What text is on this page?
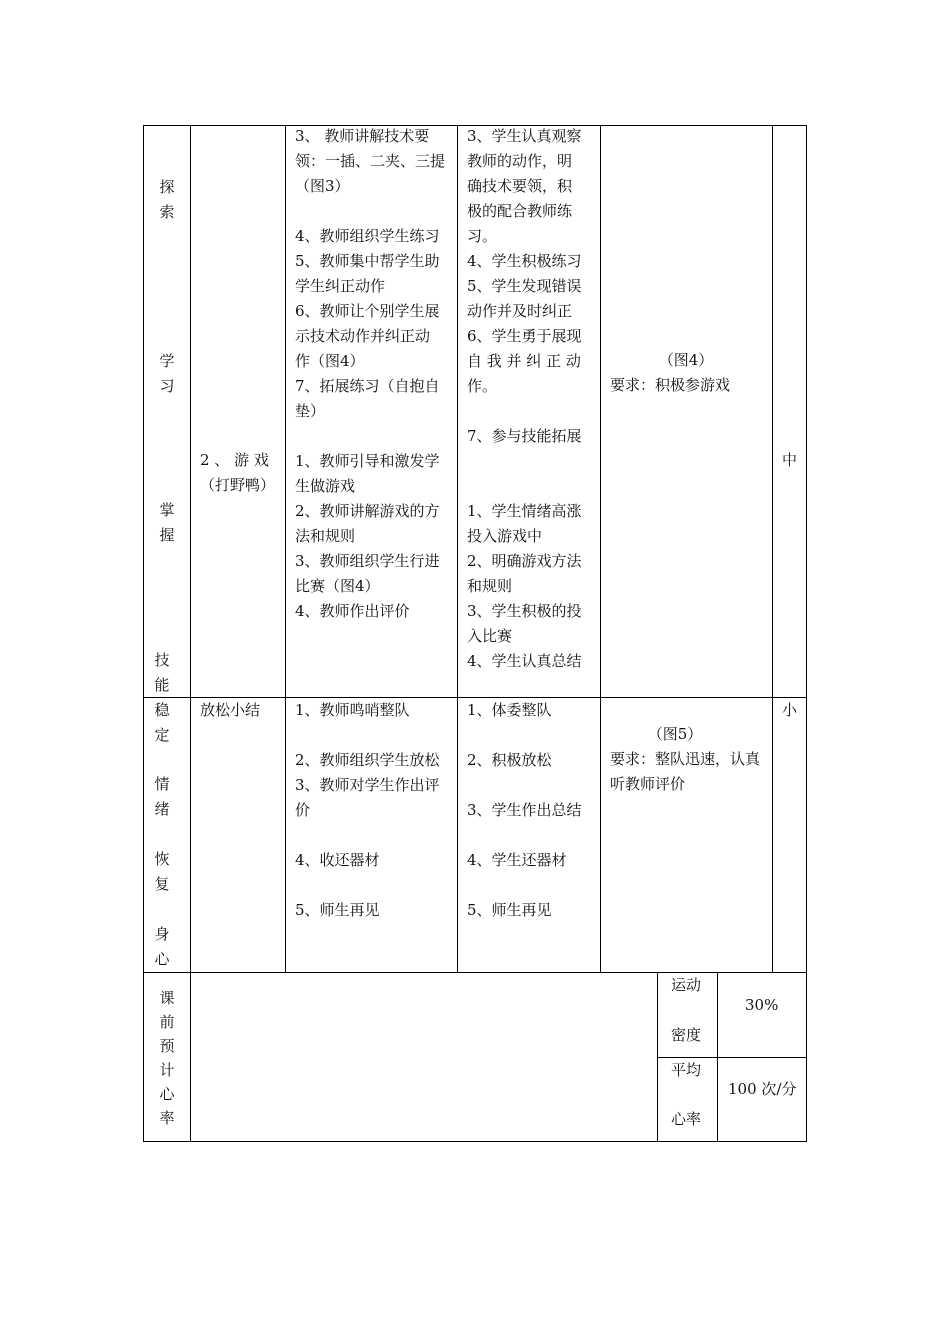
探
索
学
习
掌
握
技
能
2 、 游 戏
（打野鸭）
3、 教师讲解技术要
领：一插、二夹、三提
（图3）
4、教师组织学生练习
5、教师集中帮学生助
学生纠正动作
6、教师让个别学生展
示技术动作并纠正动
作（图4）
7、拓展练习（自抱自
垫）
1、教师引导和激发学
生做游戏
2、教师讲解游戏的方
法和规则
3、教师组织学生行进
比赛（图4）
4、教师作出评价
3、学生认真观察
教师的动作，明
确技术要领，积
极的配合教师练
习。
4、学生积极练习
5、学生发现错误
动作并及时纠正
6、学生勇于展现
自 我 并 纠 正 动
作。
7、参与技能拓展
1、学生情绪高涨
投入游戏中
2、明确游戏方法
和规则
3、学生积极的投
入比赛
4、学生认真总结
（图4）
要求：积极参游戏
中
稳
定
情
绪
恢
复
身
心
放松小结 1、教师鸣哨整队
2、教师组织学生放松
3、教师对学生作出评
价
4、收还器材
5、师生再见
1、体委整队
2、积极放松
3、学生作出总结
4、学生还器材
5、师生再见
（图5）
要求：整队迅速，认真
听教师评价
小
课
前
预
计
心
率
运动
密度
30%
平均
心率
100 次/分
